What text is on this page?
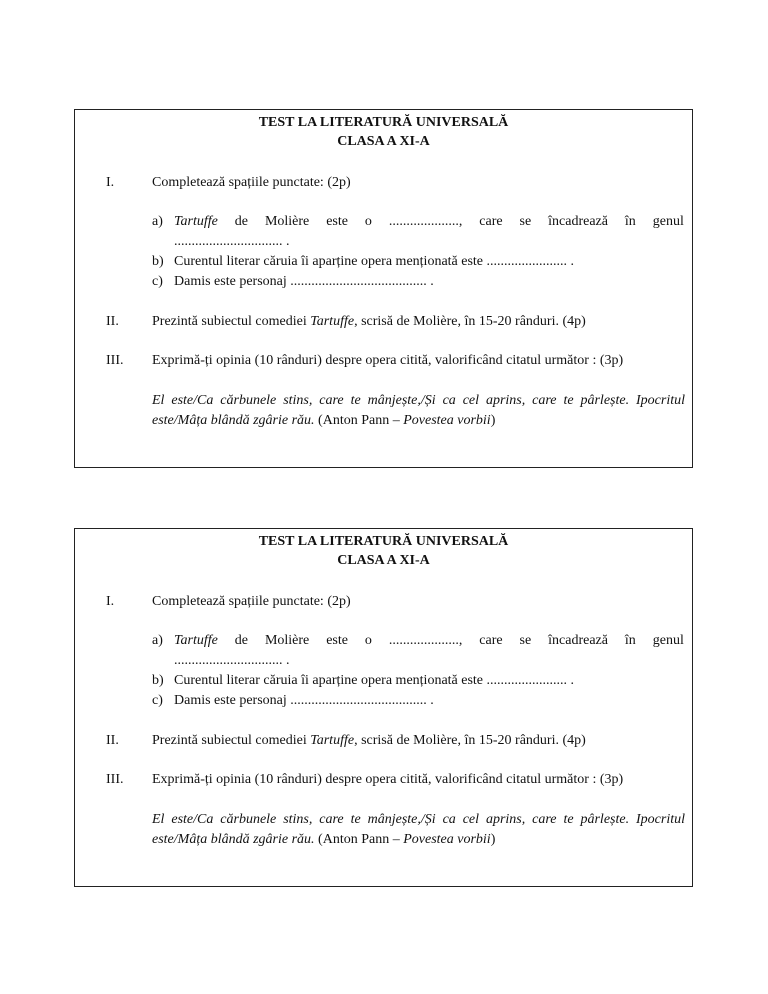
TEST LA LITERATURĂ UNIVERSALĂ
CLASA A XI-A
I.	Completează spațiile punctate: (2p)
a) Tartuffe de Molière este o ...................., care se încadrează în genul
............................... .
b) Curentul literar căruia îi aparține opera menționată este ....................... .
c) Damis este personaj ....................................... .
II. Prezintă subiectul comediei Tartuffe, scrisă de Molière, în 15-20 rânduri. (4p)
III. Exprimă-ți opinia (10 rânduri) despre opera citită, valorificând citatul următor : (3p)
El este/Ca cărbunele stins, care te mânjește,/Și ca cel aprins, care te pârlește. Ipocritul este/Mâța blândă zgârie rău. (Anton Pann – Povestea vorbii)
TEST LA LITERATURĂ UNIVERSALĂ
CLASA A XI-A
I.	Completează spațiile punctate: (2p)
a) Tartuffe de Molière este o ...................., care se încadrează în genul
............................... .
b) Curentul literar căruia îi aparține opera menționată este ....................... .
c) Damis este personaj ....................................... .
II. Prezintă subiectul comediei Tartuffe, scrisă de Molière, în 15-20 rânduri. (4p)
III. Exprimă-ți opinia (10 rânduri) despre opera citită, valorificând citatul următor : (3p)
El este/Ca cărbunele stins, care te mânjește,/Și ca cel aprins, care te pârlește. Ipocritul este/Mâța blândă zgârie rău. (Anton Pann – Povestea vorbii)
